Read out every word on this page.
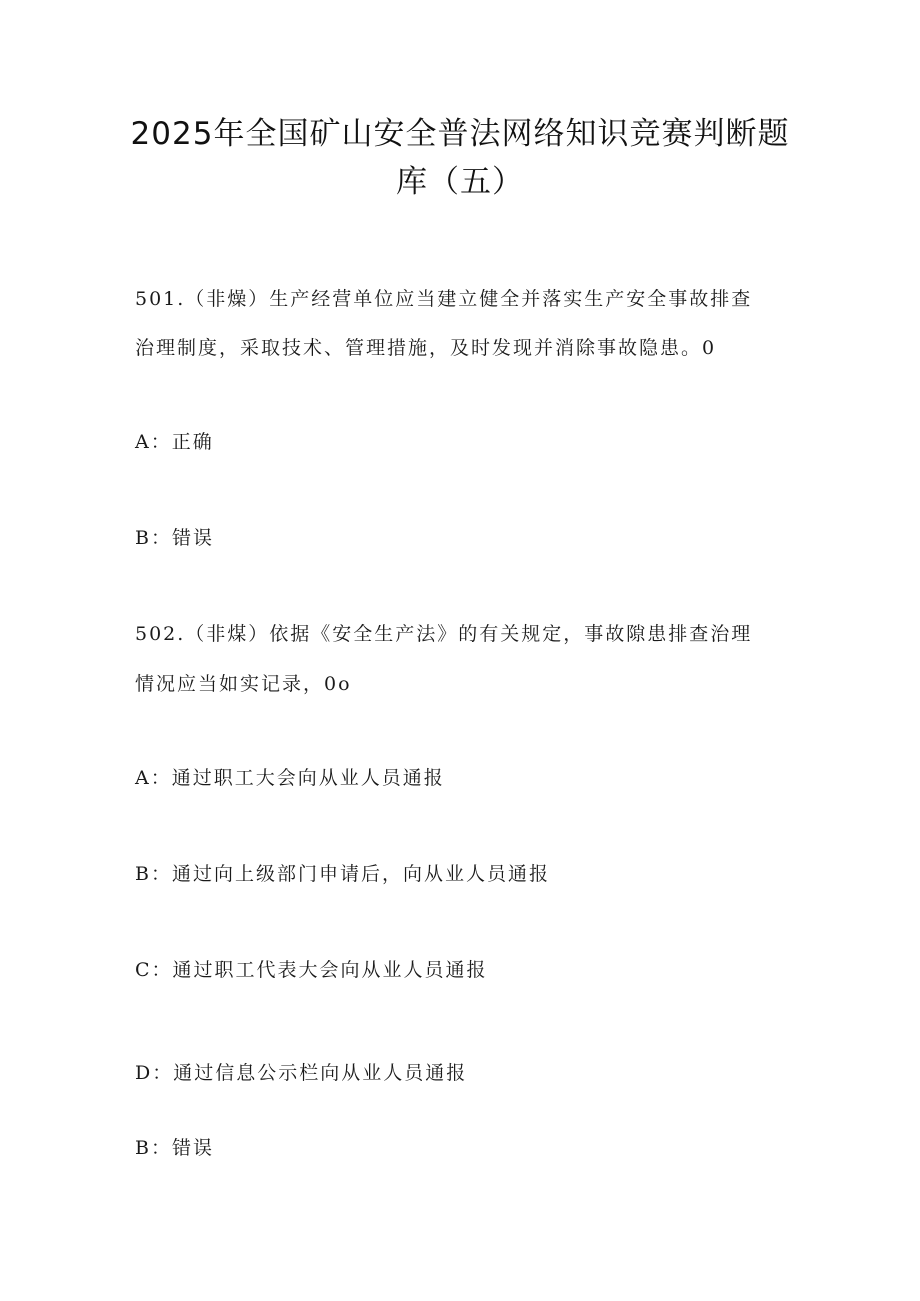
2025年全国矿山安全普法网络知识竞赛判断题
库（五）

501.（非燥）生产经营单位应当建立健全并落实生产安全事故排查

治理制度，采取技术、管理措施，及时发现并消除事故隐患。0

A：正确

B：错误

502.（非煤）依据《安全生产法》的有关规定，事故隙患排查治理

情况应当如实记录，0o

A：通过职工大会向从业人员通报

B：通过向上级部门申请后，向从业人员通报

C：通过职工代表大会向从业人员通报

D：通过信息公示栏向从业人员通报

B：错误
